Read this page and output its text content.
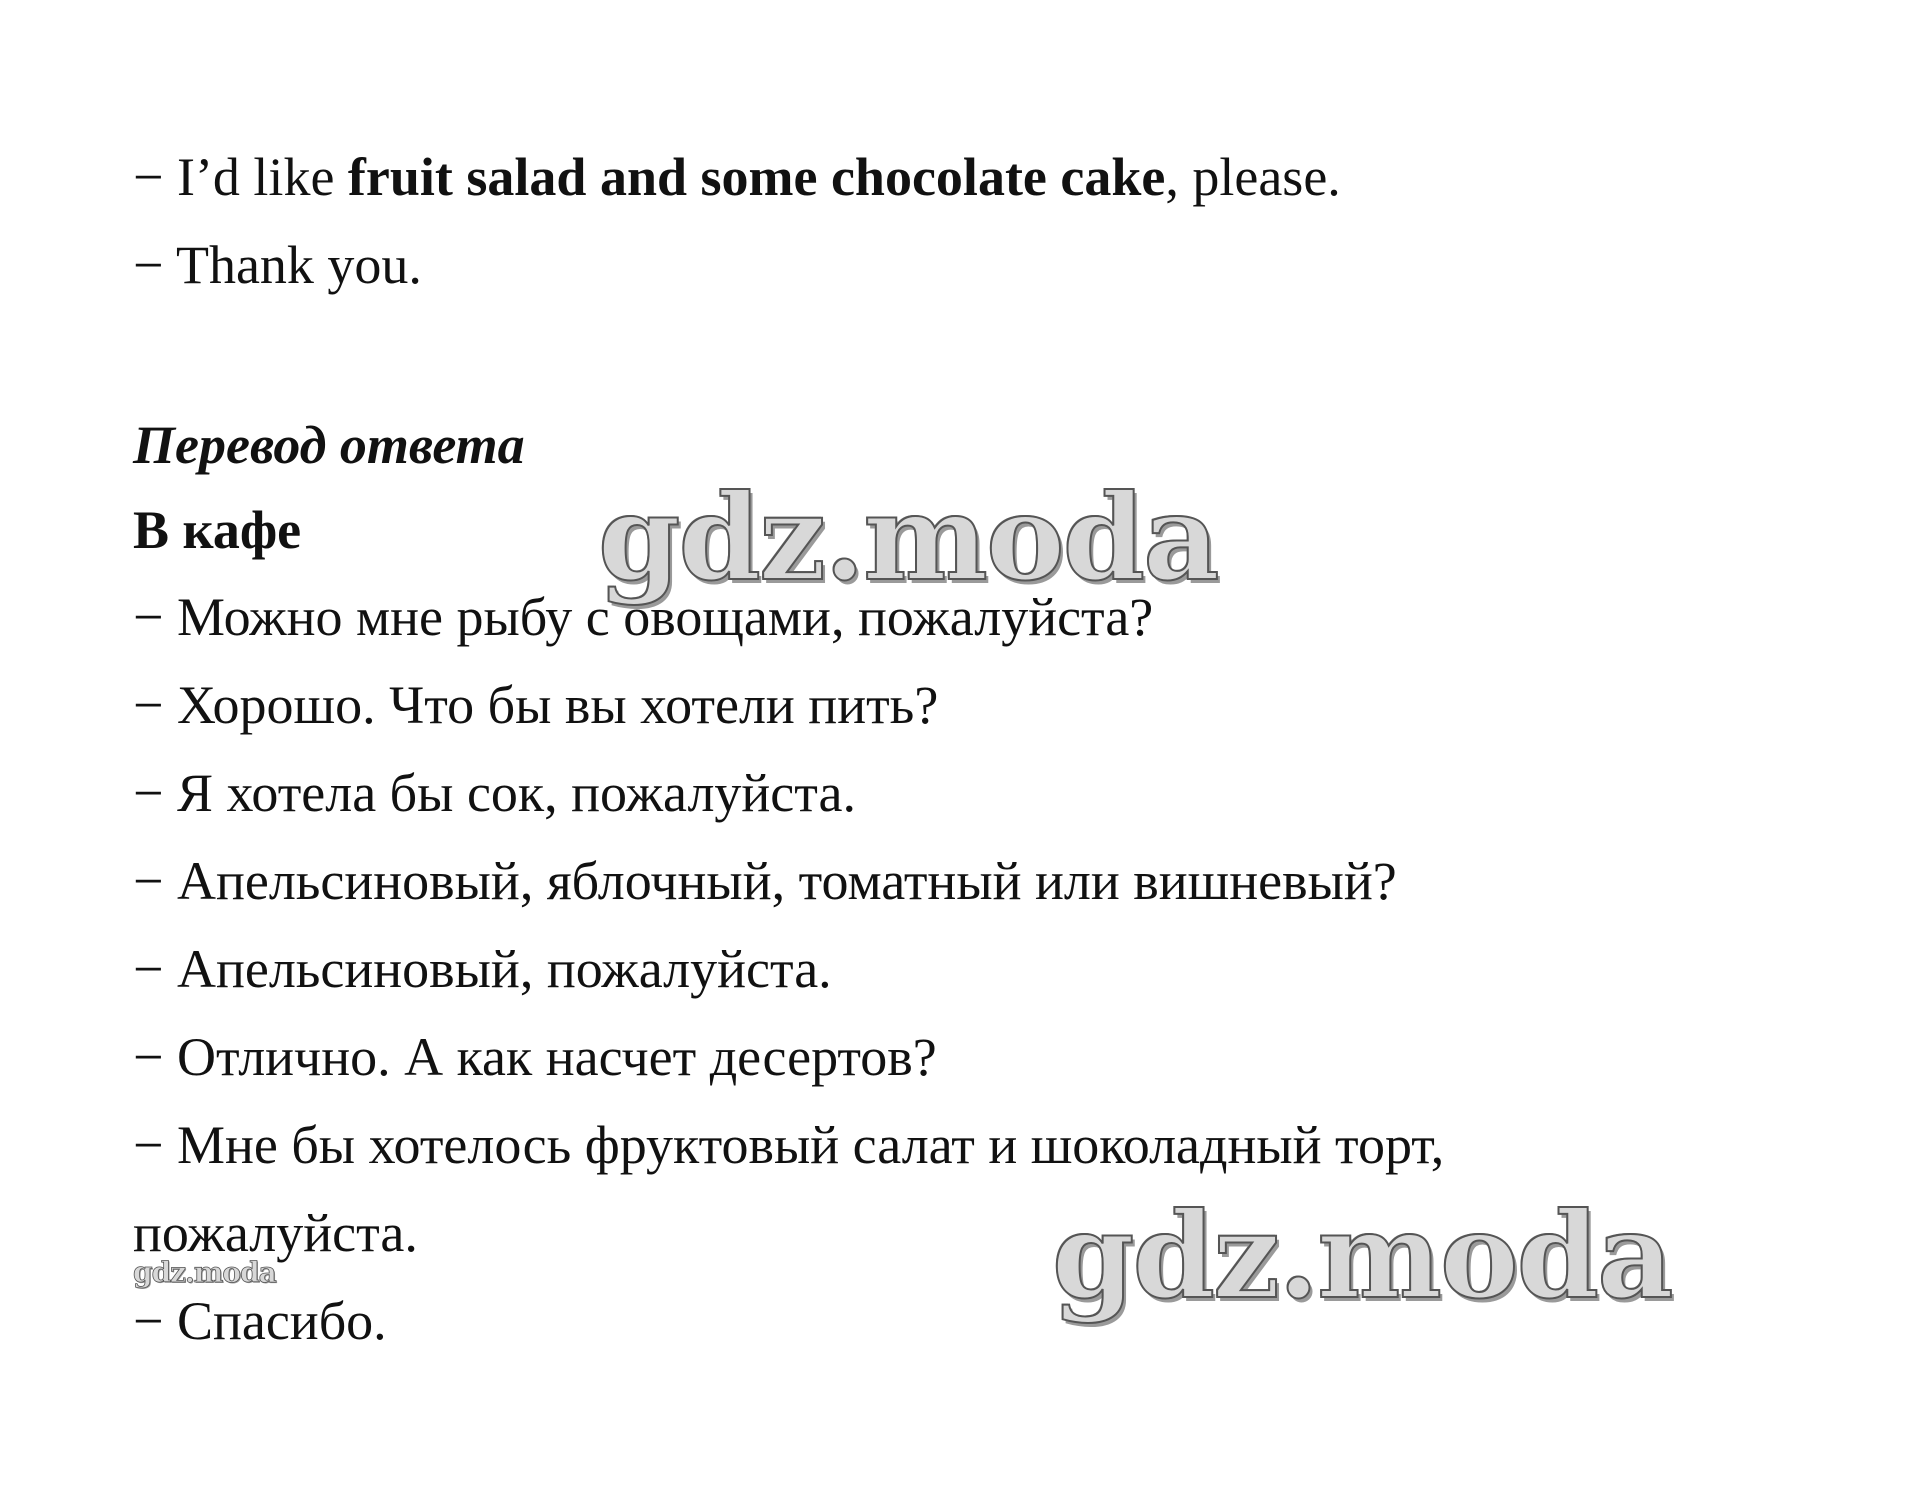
− I’d like fruit salad and some chocolate cake, please.
− Thank you.
Перевод ответа
В кафе
− Можно мне рыбу с овощами, пожалуйста?
− Хорошо. Что бы вы хотели пить?
− Я хотела бы сок, пожалуйста.
− Апельсиновый, яблочный, томатный или вишневый?
− Апельсиновый, пожалуйста.
− Отлично. А как насчет десертов?
− Мне бы хотелось фруктовый салат и шоколадный торт,
пожалуйста.
− Спасибо.
gdz.moda
gdz.moda	gdz.moda
